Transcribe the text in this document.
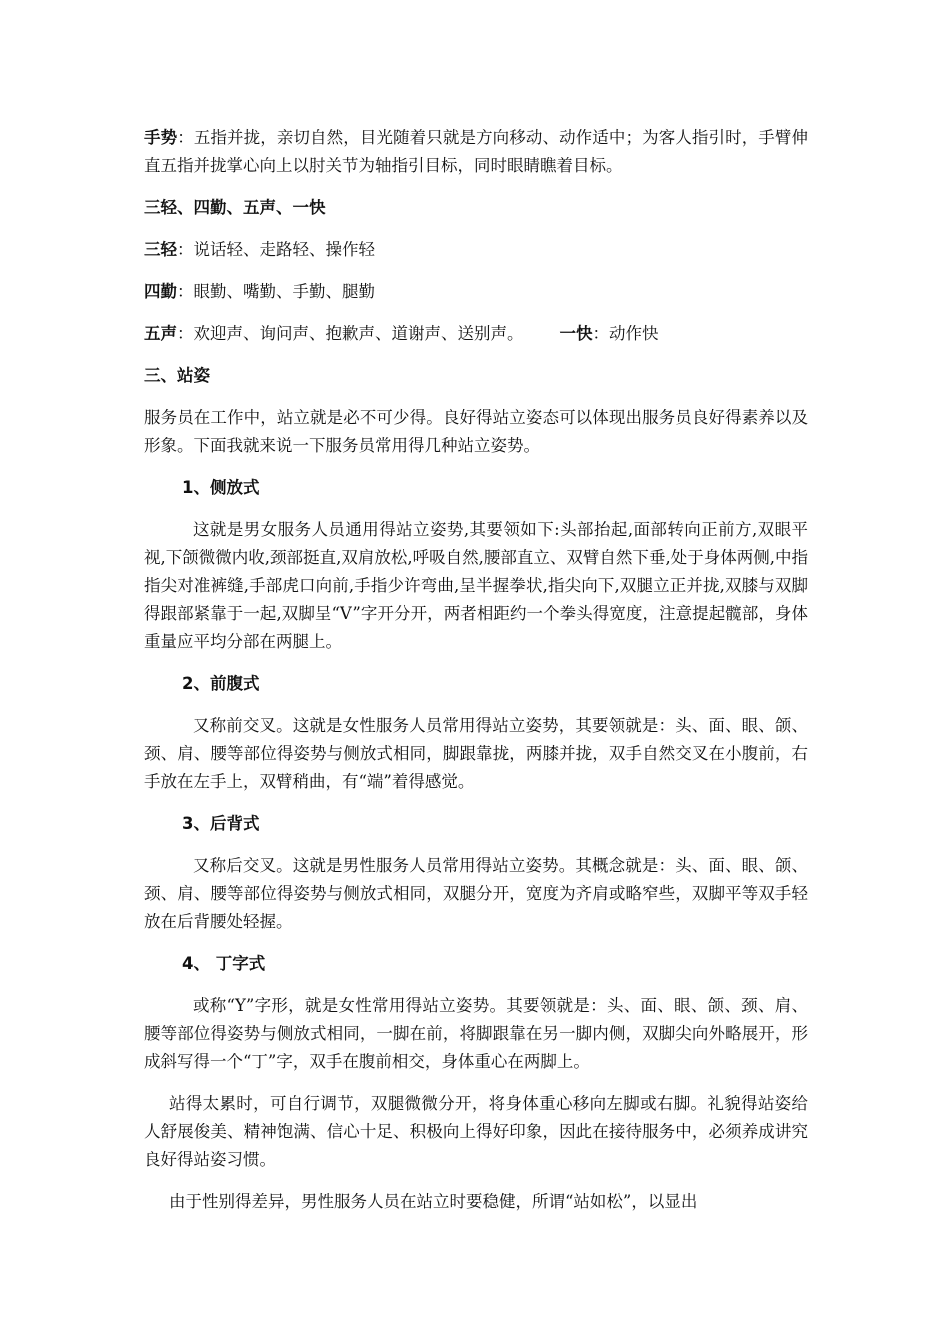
手势：五指并拢，亲切自然，目光随着只就是方向移动、动作适中；为客人指引时，手臂伸直五指并拢掌心向上以肘关节为轴指引目标，同时眼睛瞧着目标。

三轻、四勤、五声、一快

三轻：说话轻、走路轻、操作轻

四勤：眼勤、嘴勤、手勤、腿勤

五声：欢迎声、询问声、抱歉声、道谢声、送别声。 一快：动作快

三、站姿

服务员在工作中，站立就是必不可少得。良好得站立姿态可以体现出服务员良好得素养以及形象。下面我就来说一下服务员常用得几种站立姿势。

1、侧放式

这就是男女服务人员通用得站立姿势,其要领如下:头部抬起,面部转向正前方,双眼平视,下颌微微内收,颈部挺直,双肩放松,呼吸自然,腰部直立、双臂自然下垂,处于身体两侧,中指指尖对准裤缝,手部虎口向前,手指少许弯曲,呈半握拳状,指尖向下,双腿立正并拢,双膝与双脚得跟部紧靠于一起,双脚呈“V”字开分开，两者相距约一个拳头得宽度，注意提起髋部，身体重量应平均分部在两腿上。

2、前腹式

又称前交叉。这就是女性服务人员常用得站立姿势，其要领就是：头、面、眼、颌、颈、肩、腰等部位得姿势与侧放式相同，脚跟靠拢，两膝并拢，双手自然交叉在小腹前，右手放在左手上，双臂稍曲，有“端”着得感觉。

3、后背式

又称后交叉。这就是男性服务人员常用得站立姿势。其概念就是：头、面、眼、颌、颈、肩、腰等部位得姿势与侧放式相同，双腿分开，宽度为齐肩或略窄些，双脚平等双手轻放在后背腰处轻握。

4、 丁字式

或称“Y”字形，就是女性常用得站立姿势。其要领就是：头、面、眼、颌、颈、肩、腰等部位得姿势与侧放式相同，一脚在前，将脚跟靠在另一脚内侧，双脚尖向外略展开，形成斜写得一个“丁”字，双手在腹前相交，身体重心在两脚上。

站得太累时，可自行调节，双腿微微分开，将身体重心移向左脚或右脚。礼貌得站姿给人舒展俊美、精神饱满、信心十足、积极向上得好印象，因此在接待服务中，必须养成讲究良好得站姿习惯。

由于性别得差异，男性服务人员在站立时要稳健，所谓“站如松”，以显出
